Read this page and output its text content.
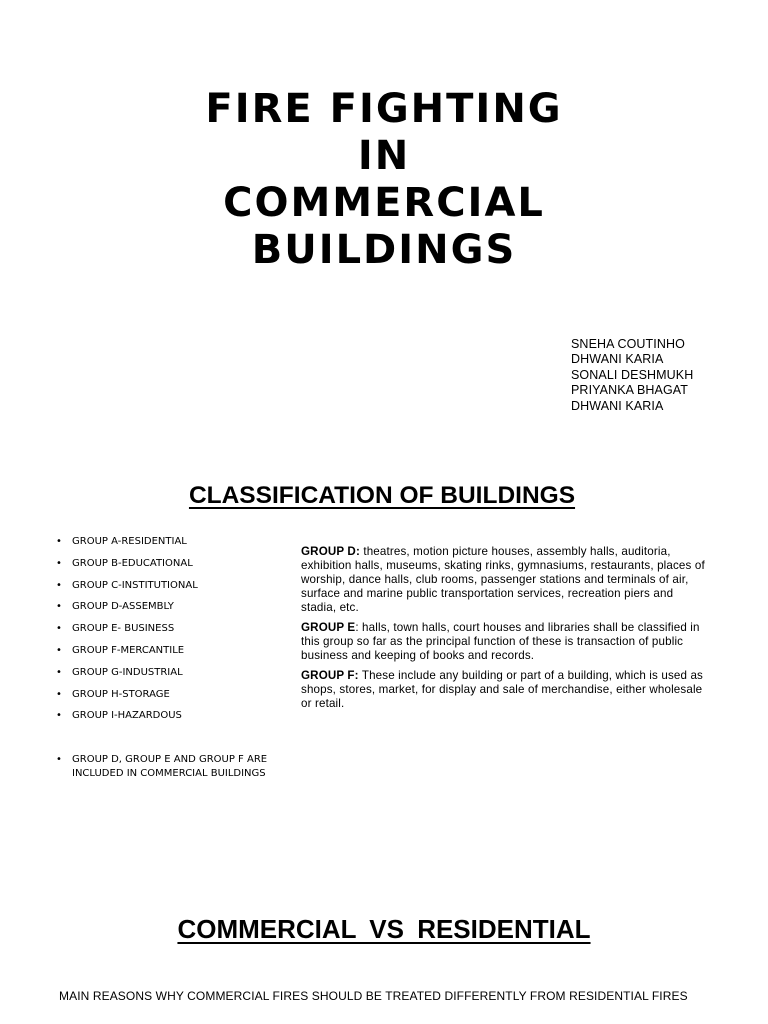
FIRE FIGHTING
IN
COMMERCIAL
BUILDINGS
SNEHA COUTINHO
DHWANI KARIA
SONALI DESHMUKH
PRIYANKA BHAGAT
DHWANI KARIA
CLASSIFICATION OF BUILDINGS
• GROUP A-RESIDENTIAL
• GROUP B-EDUCATIONAL
• GROUP C-INSTITUTIONAL
• GROUP D-ASSEMBLY
• GROUP E- BUSINESS
• GROUP F-MERCANTILE
• GROUP G-INDUSTRIAL
• GROUP H-STORAGE
• GROUP I-HAZARDOUS
• GROUP D, GROUP E AND GROUP F ARE INCLUDED IN COMMERCIAL BUILDINGS

GROUP D: theatres, motion picture houses, assembly halls, auditoria, exhibition halls, museums, skating rinks, gymnasiums, restaurants, places of worship, dance halls, club rooms, passenger stations and terminals of air, surface and marine public transportation services, recreation piers and stadia, etc.

GROUP E: halls, town halls, court houses and libraries shall be classified in this group so far as the principal function of these is transaction of public business and keeping of books and records.

GROUP F: These include any building or part of a building, which is used as shops, stores, market, for display and sale of merchandise, either wholesale or retail.

COMMERCIAL VS RESIDENTIAL
MAIN REASONS WHY COMMERCIAL FIRES SHOULD BE TREATED DIFFERENTLY FROM RESIDENTIAL FIRES
